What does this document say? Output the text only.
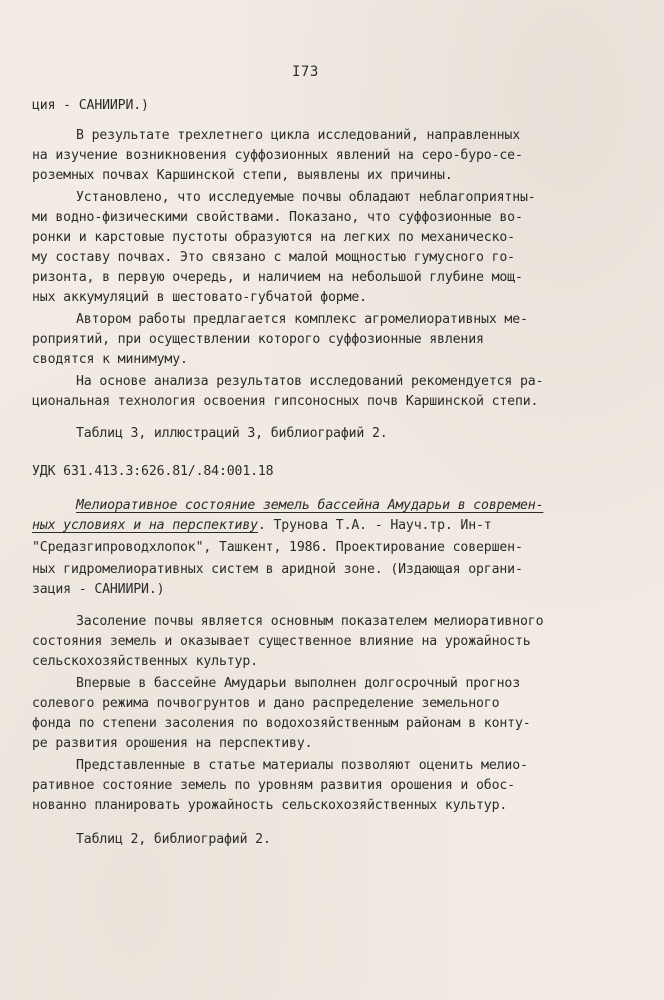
I73
ция - САНИИРИ.)
В результате трехлетнего цикла исследований, направленных
на изучение возникновения суффозионных явлений на серо-буро-се-
роземных почвах Каршинской степи, выявлены их причины.
Установлено, что исследуемые почвы обладают неблагоприятны-
ми водно-физическими свойствами. Показано, что суффозионные во-
ронки и карстовые пустоты образуются на легких по механическо-
му составу почвах. Это связано с малой мощностью гумусного го-
ризонта, в первую очередь, и наличием на небольшой глубине мощ-
ных аккумуляций в шестовато-губчатой форме.
Автором работы предлагается комплекс агромелиоративных ме-
роприятий, при осуществлении которого суффозионные явления
сводятся к минимуму.
На основе анализа результатов исследований рекомендуется ра-
циональная технология освоения гипсоносных почв Каршинской степи.
Таблиц 3, иллюстраций 3, библиографий 2.
УДК 631.413.3:626.81/.84:001.18
Мелиоративное состояние земель бассейна Амударьи в современ-
ных условиях и на перспективу. Трунова Т.А. - Науч.тр. Ин-т
"Средазгипроводхлопок", Ташкент, 1986. Проектирование совершен-
ных гидромелиоративных систем в аридной зоне. (Издающая органи-
зация - САНИИРИ.)
Засоление почвы является основным показателем мелиоративного
состояния земель и оказывает существенное влияние на урожайность
сельскохозяйственных культур.
Впервые в бассейне Амударьи выполнен долгосрочный прогноз
солевого режима почвогрунтов и дано распределение земельного
фонда по степени засоления по водохозяйственным районам в конту-
ре развития орошения на перспективу.
Представленные в статье материалы позволяют оценить мелио-
ративное состояние земель по уровням развития орошения и обос-
нованно планировать урожайность сельскохозяйственных культур.
Таблиц 2, библиографий 2.
